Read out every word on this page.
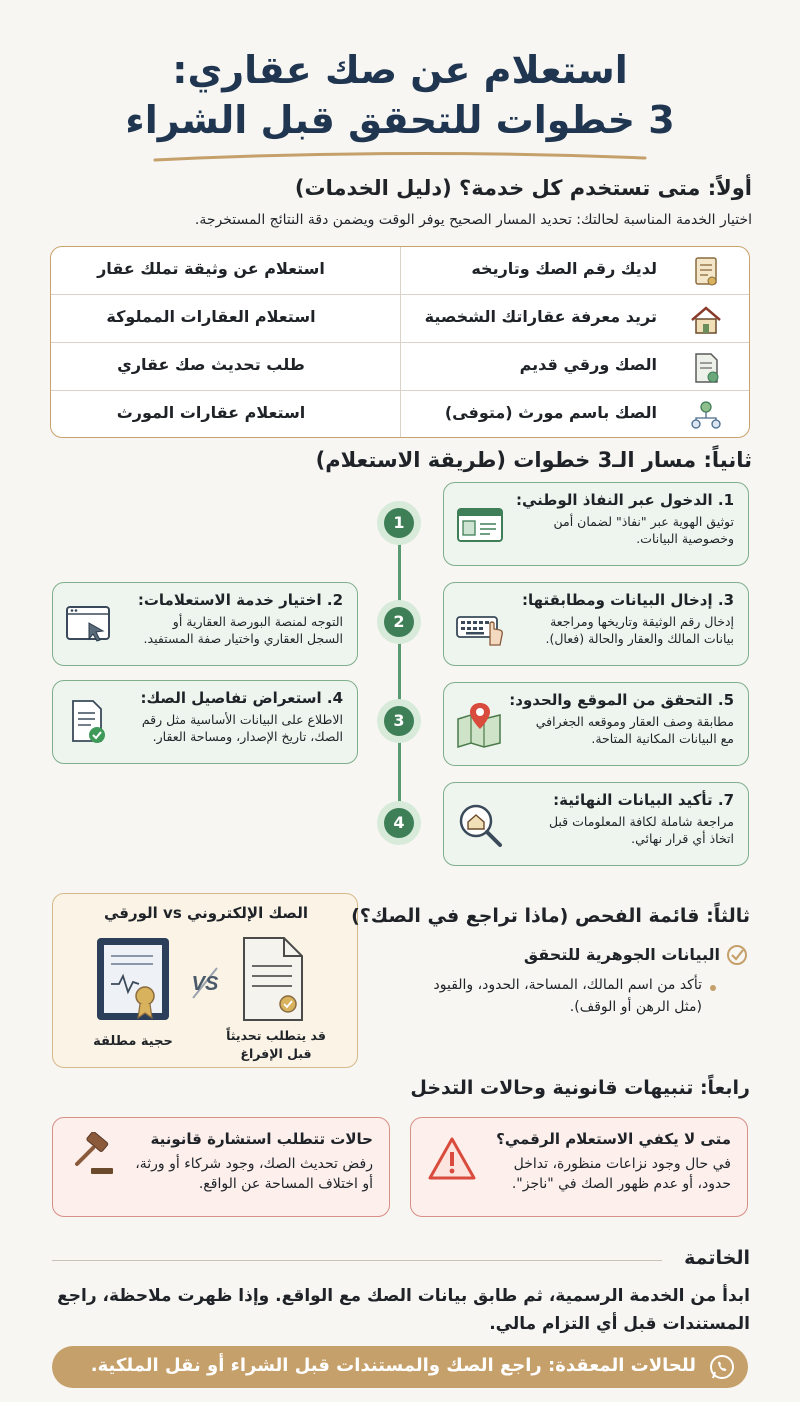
استعلام عن صك عقاري:
3 خطوات للتحقق قبل الشراء
أولاً: متى تستخدم كل خدمة؟ (دليل الخدمات)
اختيار الخدمة المناسبة لحالتك: تحديد المسار الصحيح يوفر الوقت ويضمن دقة النتائج المستخرجة.
لديك رقم الصك وتاريخه
استعلام عن وثيقة تملك عقار
تريد معرفة عقاراتك الشخصية
استعلام العقارات المملوكة
الصك ورقي قديم
طلب تحديث صك عقاري
الصك باسم مورث (متوفى)
استعلام عقارات المورث
ثانياً: مسار الـ3 خطوات (طريقة الاستعلام)
1
2
3
4
1. الدخول عبر النفاذ الوطني:
توثيق الهوية عبر "نفاذ" لضمان أمن وخصوصية البيانات.
2. اختيار خدمة الاستعلامات:
التوجه لمنصة البورصة العقارية أو السجل العقاري واختيار صفة المستفيد.
3. إدخال البيانات ومطابقتها:
إدخال رقم الوثيقة وتاريخها ومراجعة بيانات المالك والعقار والحالة (فعال).
4. استعراض تفاصيل الصك:
الاطلاع على البيانات الأساسية مثل رقم الصك، تاريخ الإصدار، ومساحة العقار.
5. التحقق من الموقع والحدود:
مطابقة وصف العقار وموقعه الجغرافي مع البيانات المكانية المتاحة.
7. تأكيد البيانات النهائية:
مراجعة شاملة لكافة المعلومات قبل اتخاذ أي قرار نهائي.
الصك الإلكتروني vs الورقي
حجية مطلقة
VS
قد يتطلب تحديثاً
قبل الإفراغ
ثالثاً: قائمة الفحص (ماذا تراجع في الصك؟)
البيانات الجوهرية للتحقق
تأكد من اسم المالك، المساحة، الحدود، والقيود (مثل الرهن أو الوقف).
رابعاً: تنبيهات قانونية وحالات التدخل
متى لا يكفي الاستعلام الرقمي؟
في حال وجود نزاعات منظورة، تداخل حدود، أو عدم ظهور الصك في "ناجز".
حالات تتطلب استشارة قانونية
رفض تحديث الصك، وجود شركاء أو ورثة، أو اختلاف المساحة عن الواقع.
الخاتمة
ابدأ من الخدمة الرسمية، ثم طابق بيانات الصك مع الواقع. وإذا ظهرت ملاحظة، راجع المستندات قبل أي التزام مالي.
للحالات المعقدة: راجع الصك والمستندات قبل الشراء أو نقل الملكية.
